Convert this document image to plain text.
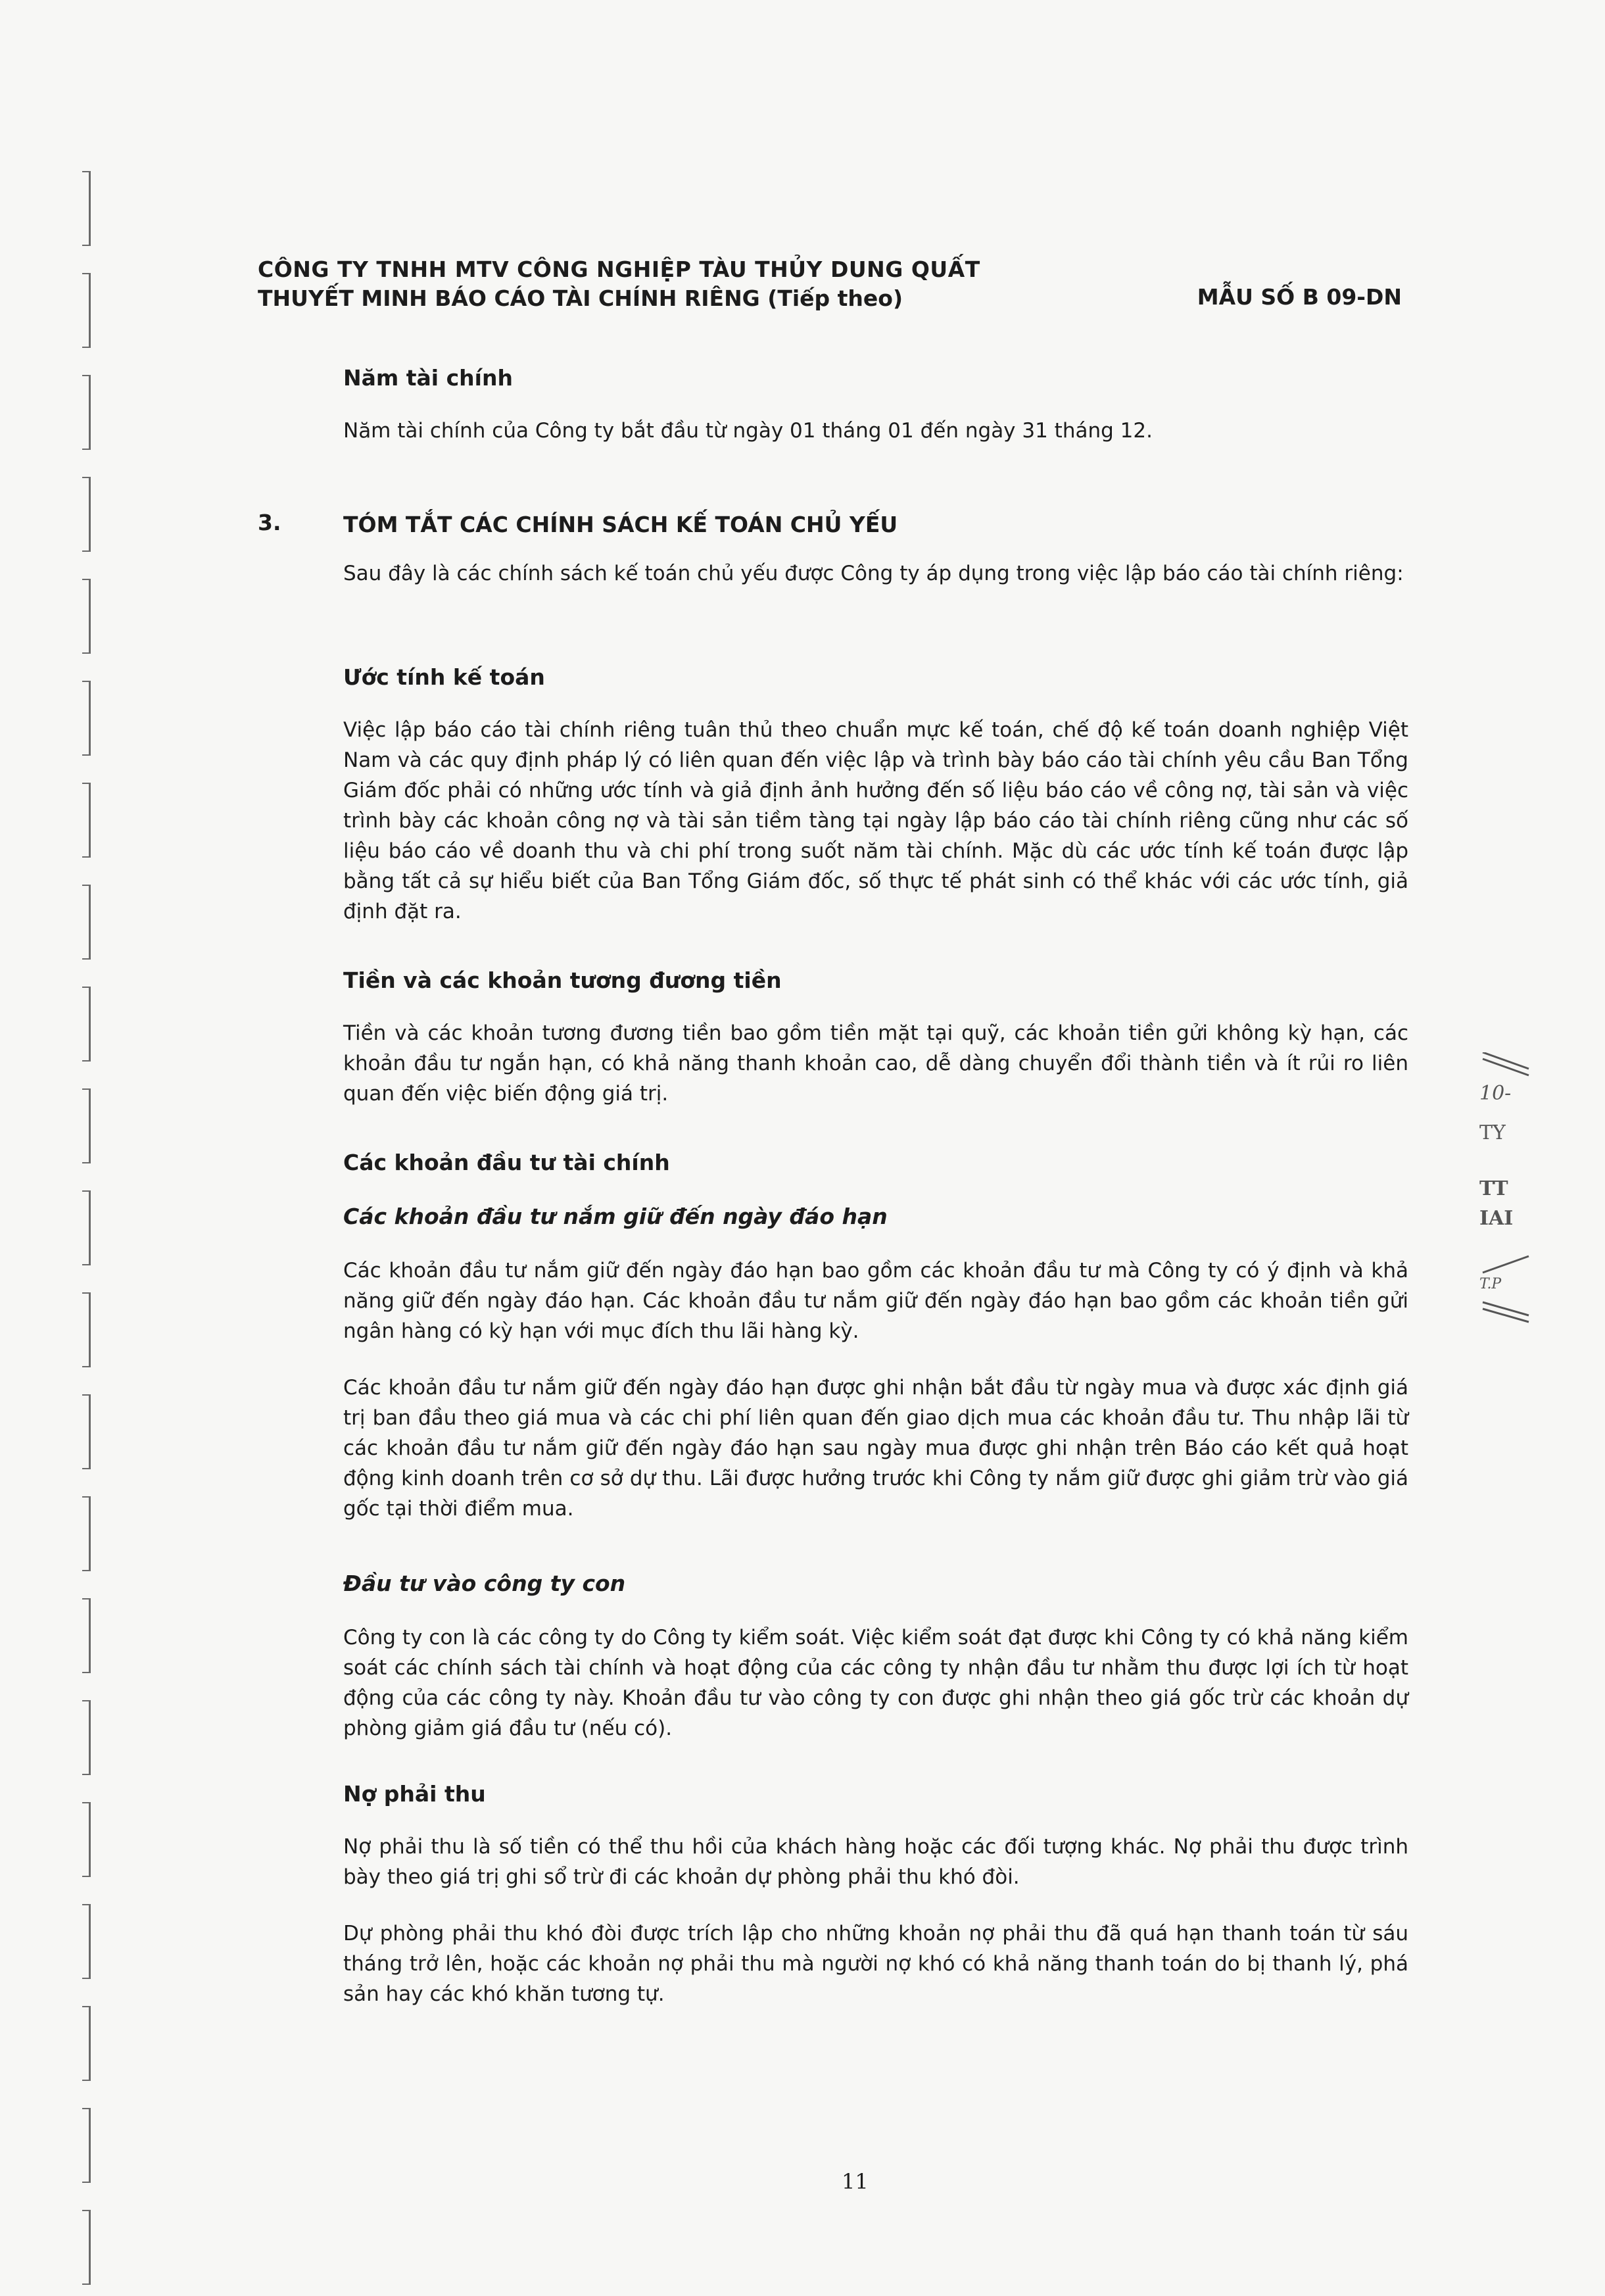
CÔNG TY TNHH MTV CÔNG NGHIỆP TÀU THỦY DUNG QUẤT
THUYẾT MINH BÁO CÁO TÀI CHÍNH RIÊNG (Tiếp theo)	MẪU SỐ B 09-DN
Năm tài chính
Năm tài chính của Công ty bắt đầu từ ngày 01 tháng 01 đến ngày 31 tháng 12.
3.	TÓM TẮT CÁC CHÍNH SÁCH KẾ TOÁN CHỦ YẾU
Sau đây là các chính sách kế toán chủ yếu được Công ty áp dụng trong việc lập báo cáo tài chính riêng:
Ước tính kế toán
Việc lập báo cáo tài chính riêng tuân thủ theo chuẩn mực kế toán, chế độ kế toán doanh nghiệp Việt Nam và các quy định pháp lý có liên quan đến việc lập và trình bày báo cáo tài chính yêu cầu Ban Tổng Giám đốc phải có những ước tính và giả định ảnh hưởng đến số liệu báo cáo về công nợ, tài sản và việc trình bày các khoản công nợ và tài sản tiềm tàng tại ngày lập báo cáo tài chính riêng cũng như các số liệu báo cáo về doanh thu và chi phí trong suốt năm tài chính. Mặc dù các ước tính kế toán được lập bằng tất cả sự hiểu biết của Ban Tổng Giám đốc, số thực tế phát sinh có thể khác với các ước tính, giả định đặt ra.
Tiền và các khoản tương đương tiền
Tiền và các khoản tương đương tiền bao gồm tiền mặt tại quỹ, các khoản tiền gửi không kỳ hạn, các khoản đầu tư ngắn hạn, có khả năng thanh khoản cao, dễ dàng chuyển đổi thành tiền và ít rủi ro liên quan đến việc biến động giá trị.
Các khoản đầu tư tài chính
Các khoản đầu tư nắm giữ đến ngày đáo hạn
Các khoản đầu tư nắm giữ đến ngày đáo hạn bao gồm các khoản đầu tư mà Công ty có ý định và khả năng giữ đến ngày đáo hạn. Các khoản đầu tư nắm giữ đến ngày đáo hạn bao gồm các khoản tiền gửi ngân hàng có kỳ hạn với mục đích thu lãi hàng kỳ.
Các khoản đầu tư nắm giữ đến ngày đáo hạn được ghi nhận bắt đầu từ ngày mua và được xác định giá trị ban đầu theo giá mua và các chi phí liên quan đến giao dịch mua các khoản đầu tư. Thu nhập lãi từ các khoản đầu tư nắm giữ đến ngày đáo hạn sau ngày mua được ghi nhận trên Báo cáo kết quả hoạt động kinh doanh trên cơ sở dự thu. Lãi được hưởng trước khi Công ty nắm giữ được ghi giảm trừ vào giá gốc tại thời điểm mua.
Đầu tư vào công ty con
Công ty con là các công ty do Công ty kiểm soát. Việc kiểm soát đạt được khi Công ty có khả năng kiểm soát các chính sách tài chính và hoạt động của các công ty nhận đầu tư nhằm thu được lợi ích từ hoạt động của các công ty này. Khoản đầu tư vào công ty con được ghi nhận theo giá gốc trừ các khoản dự phòng giảm giá đầu tư (nếu có).
Nợ phải thu
Nợ phải thu là số tiền có thể thu hồi của khách hàng hoặc các đối tượng khác. Nợ phải thu được trình bày theo giá trị ghi sổ trừ đi các khoản dự phòng phải thu khó đòi.
Dự phòng phải thu khó đòi được trích lập cho những khoản nợ phải thu đã quá hạn thanh toán từ sáu tháng trở lên, hoặc các khoản nợ phải thu mà người nợ khó có khả năng thanh toán do bị thanh lý, phá sản hay các khó khăn tương tự.
10-
TY
TT
IAI
T.P
11
